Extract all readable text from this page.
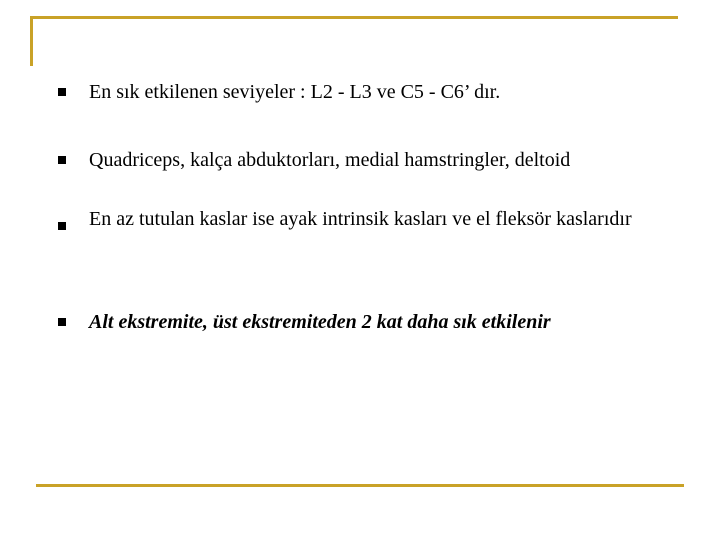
En sık etkilenen seviyeler : L2 - L3 ve C5 - C6’ dır.
Quadriceps, kalça abduktorları, medial hamstringler, deltoid
En az tutulan kaslar ise ayak intrinsik kasları ve el fleksör kaslarıdır
Alt ekstremite, üst ekstremiteden 2 kat daha sık etkilenir
